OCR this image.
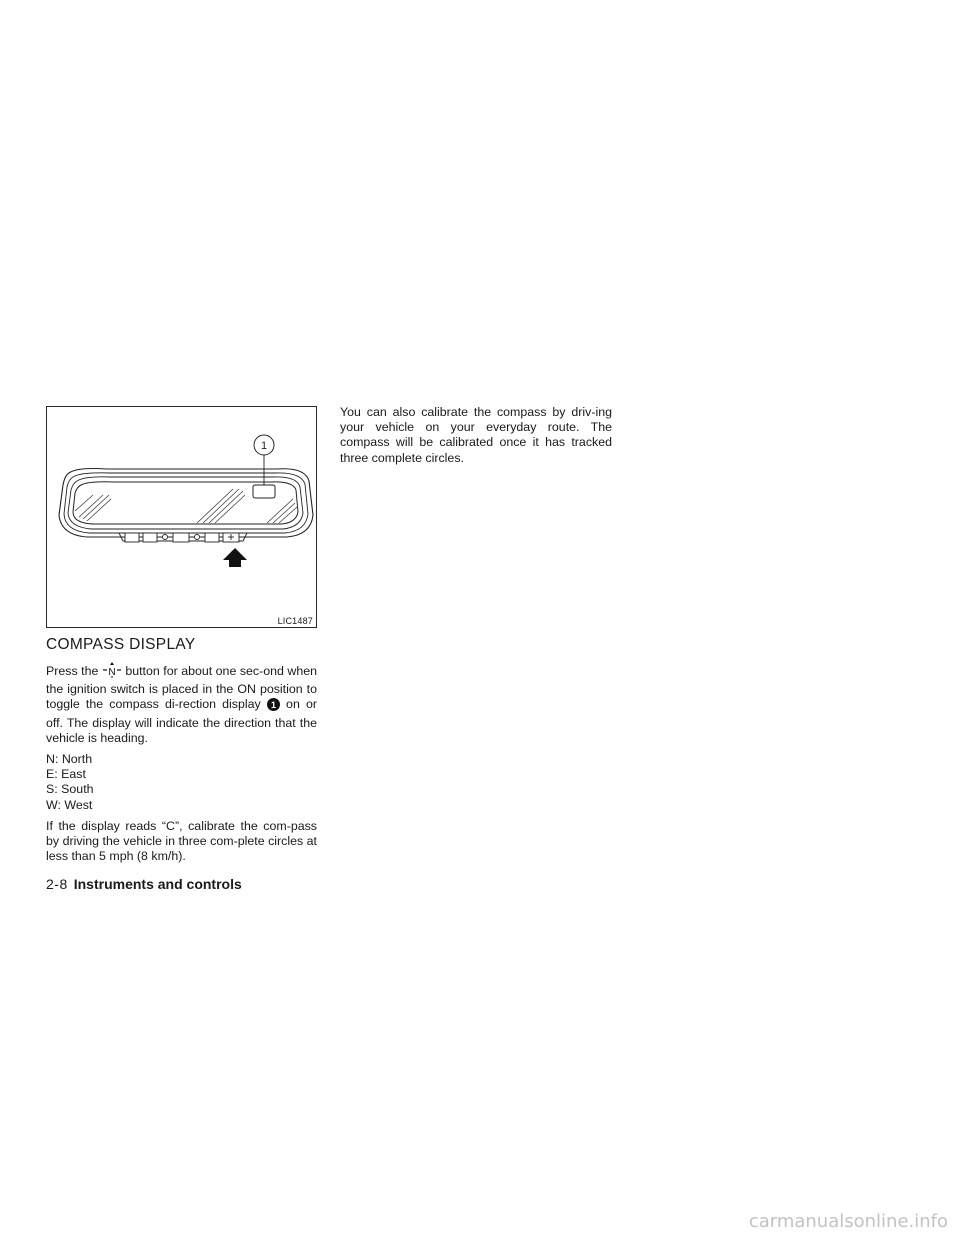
1
LIC1487
COMPASS DISPLAY

Press the N button for about one sec-ond when the ignition switch is placed in the ON position to toggle the compass di-rection display 1 on or off. The display will indicate the direction that the vehicle is heading.

N: North
E: East
S: South
W: West

If the display reads “C”, calibrate the com-pass by driving the vehicle in three com-plete circles at less than 5 mph (8 km/h).

You can also calibrate the compass by driv-ing your vehicle on your everyday route. The compass will be calibrated once it has tracked three complete circles.

2-8 Instruments and controls
carmanualsonline.info
